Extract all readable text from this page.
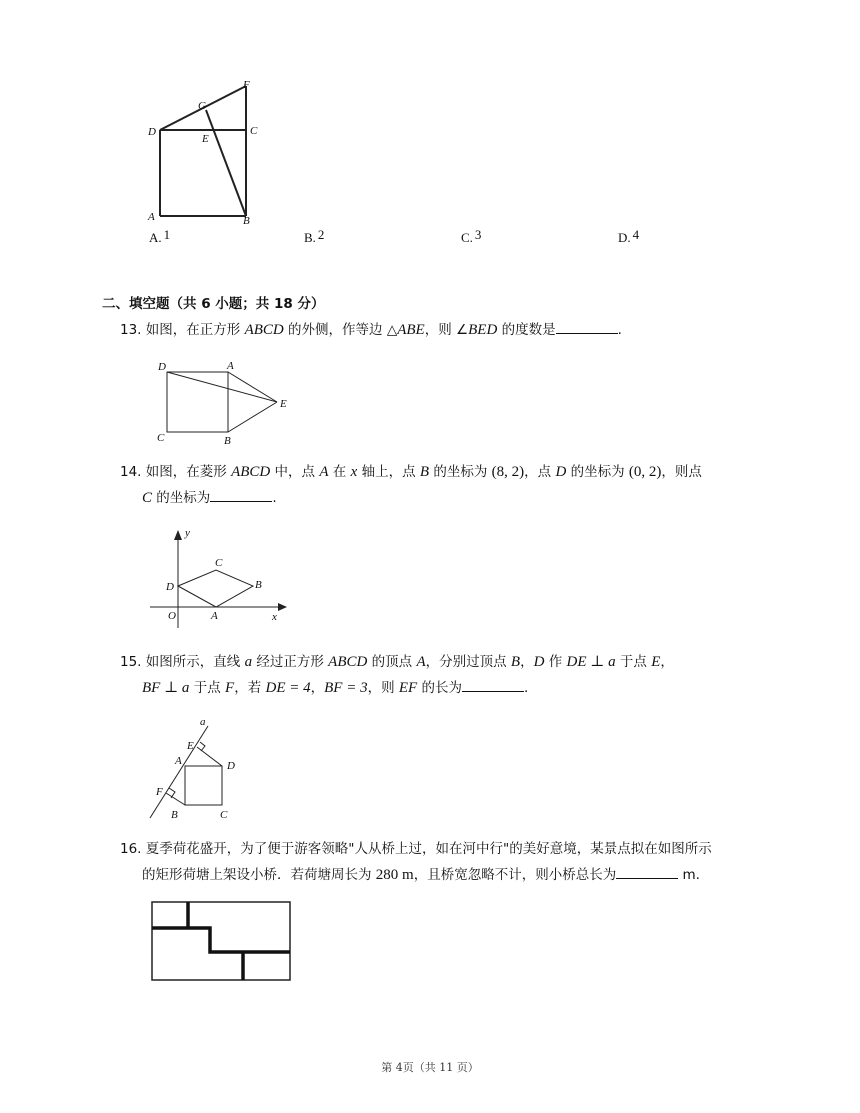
F
G
D
E
C
A	B
A. 1	B. 2	C. 3	D. 4
二、填空题（共 6 小题；共 18 分）
13. 如图，在正方形 ABCD 的外侧，作等边 △ABE，则 ∠BED 的度数是	.
D	A
E
C	B
14. 如图，在菱形 ABCD 中，点 A 在 x 轴上，点 B 的坐标为 (8, 2)，点 D 的坐标为 (0, 2)，则点
C 的坐标为	.
y
C
D	B
O	A	x
15. 如图所示，直线 a 经过正方形 ABCD 的顶点 A，分别过顶点 B，D 作 DE ⊥ a 于点 E，
BF ⊥ a 于点 F，若 DE = 4，BF = 3，则 EF 的长为	.
a
E
A	D
F
B	C
16. 夏季荷花盛开，为了便于游客领略"人从桥上过，如在河中行"的美好意境，某景点拟在如图所示
的矩形荷塘上架设小桥．若荷塘周长为 280 m，且桥宽忽略不计，则小桥总长为	m.
第 4页（共 11 页）
